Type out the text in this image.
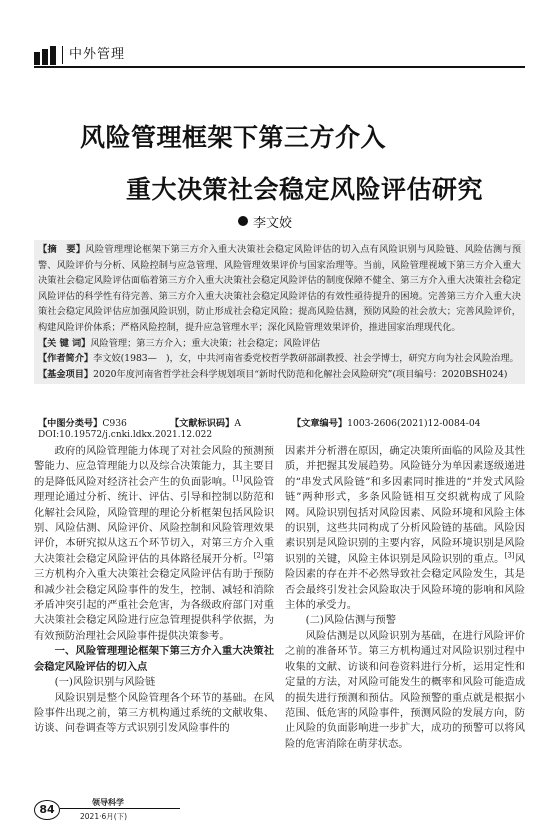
中外管理
风险管理框架下第三方介入
重大决策社会稳定风险评估研究
李文姣

【摘　要】风险管理理论框架下第三方介入重大决策社会稳定风险评估的切入点有风险识别与风险链、风险估测与预警、风险评价与分析、风险控制与应急管理、风险管理效果评价与国家治理等。当前，风险管理视域下第三方介入重大决策社会稳定风险评估面临着第三方介入重大决策社会稳定风险评估的制度保障不健全、第三方介入重大决策社会稳定风险评估的科学性有待完善、第三方介入重大决策社会稳定风险评估的有效性亟待提升的困境。完善第三方介入重大决策社会稳定风险评估应加强风险识别，防止形成社会稳定风险；提高风险估测，预防风险的社会放大；完善风险评价，构建风险评价体系；严格风险控制，提升应急管理水平；深化风险管理效果评价，推进国家治理现代化。

【关 键 词】风险管理；第三方介入；重大决策；社会稳定；风险评估

【作者简介】李文姣(1983—　)，女，中共河南省委党校哲学教研部副教授、社会学博士，研究方向为社会风险治理。

【基金项目】2020年度河南省哲学社会科学规划项目“新时代防范和化解社会风险研究”(项目编号：2020BSH024)

【中图分类号】C936	【文献标识码】A	【文章编号】1003-2606(2021)12-0084-04
DOI:10.19572/j.cnki.ldkx.2021.12.022

政府的风险管理能力体现了对社会风险的预测预警能力、应急管理能力以及综合决策能力，其主要目的是降低风险对经济社会产生的负面影响。[1]风险管理理论通过分析、统计、评估、引导和控制以防范和化解社会风险，风险管理的理论分析框架包括风险识别、风险估测、风险评价、风险控制和风险管理效果评价，本研究拟从这五个环节切入，对第三方介入重大决策社会稳定风险评估的具体路径展开分析。[2]第三方机构介入重大决策社会稳定风险评估有助于预防和减少社会稳定风险事件的发生，控制、减轻和消除矛盾冲突引起的严重社会危害，为各级政府部门对重大决策社会稳定风险进行应急管理提供科学依据，为有效预防治理社会风险事件提供决策参考。

一、风险管理理论框架下第三方介入重大决策社会稳定风险评估的切入点

(一)风险识别与风险链

风险识别是整个风险管理各个环节的基础。在风险事件出现之前，第三方机构通过系统的文献收集、访谈、问卷调查等方式识别引发风险事件的

因素并分析潜在原因，确定决策所面临的风险及其性质，并把握其发展趋势。风险链分为单因素逐级递进的“串发式风险链”和多因素同时推进的“并发式风险链”两种形式，多条风险链相互交织就构成了风险网。风险识别包括对风险因素、风险环境和风险主体的识别，这些共同构成了分析风险链的基础。风险因素识别是风险识别的主要内容，风险环境识别是风险识别的关键，风险主体识别是风险识别的重点。[3]风险因素的存在并不必然导致社会稳定风险发生，其是否会最终引发社会风险取决于风险环境的影响和风险主体的承受力。

(二)风险估测与预警

风险估测是以风险识别为基础，在进行风险评价之前的准备环节。第三方机构通过对风险识别过程中收集的文献、访谈和问卷资料进行分析，运用定性和定量的方法，对风险可能发生的概率和风险可能造成的损失进行预测和预估。风险预警的重点就是根据小范围、低危害的风险事件，预测风险的发展方向，防止风险的负面影响进一步扩大，成功的预警可以将风险的危害消除在萌芽状态。

84
领导科学
2021·6月(下)
